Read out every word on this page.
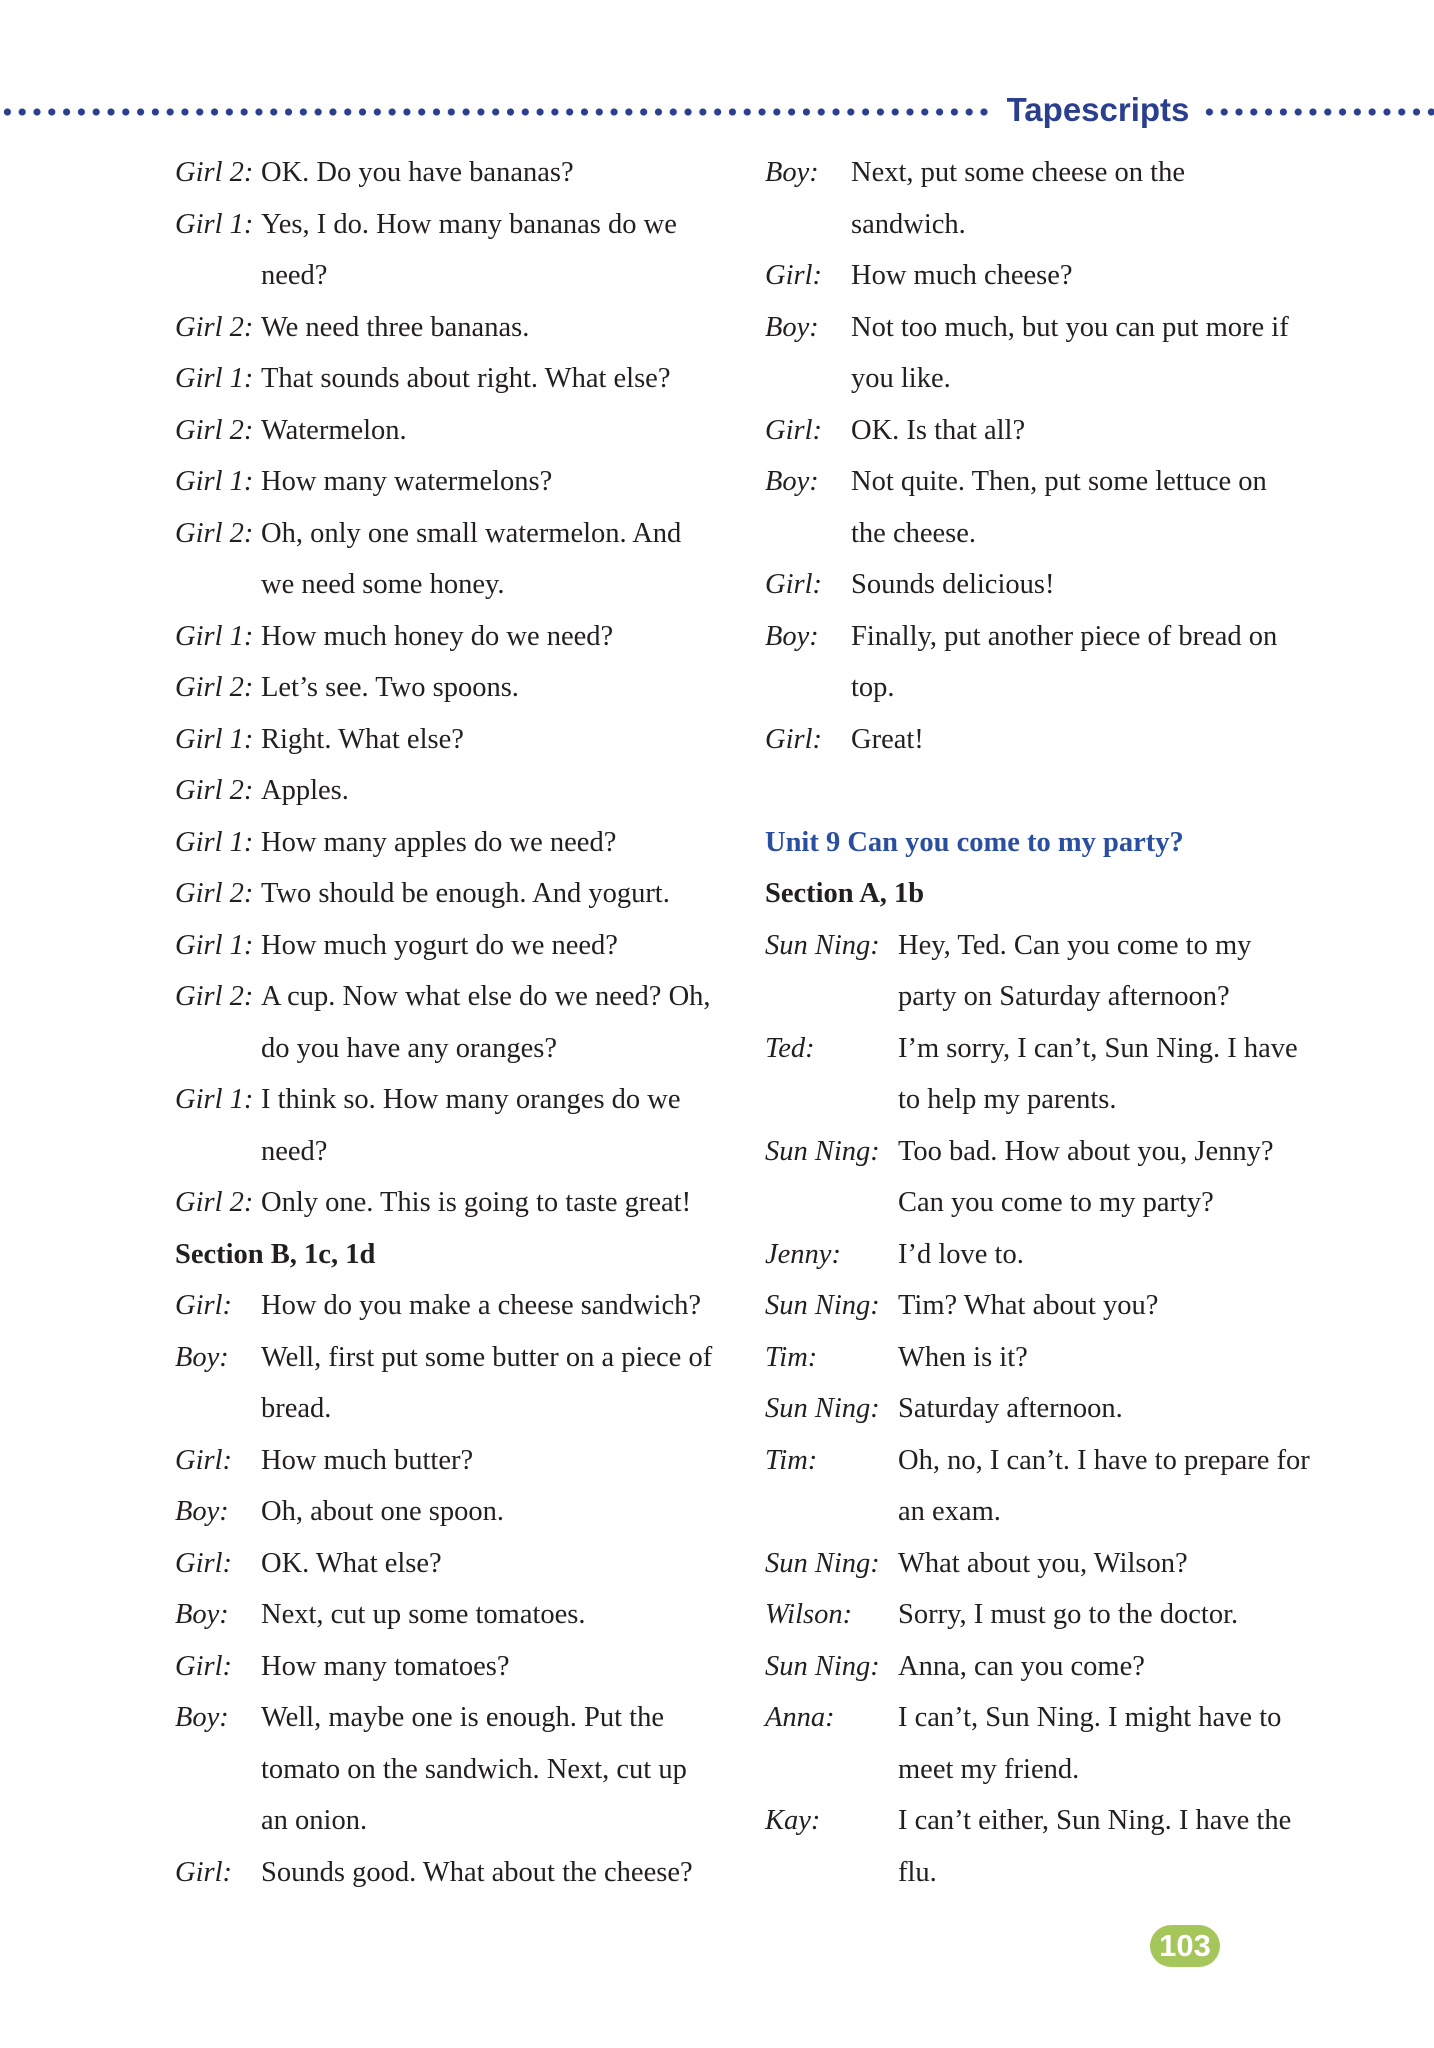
Tapescripts
Girl 2: OK. Do you have bananas?
Girl 1: Yes, I do. How many bananas do we
need?
Girl 2: We need three bananas.
Girl 1: That sounds about right. What else?
Girl 2: Watermelon.
Girl 1: How many watermelons?
Girl 2: Oh, only one small watermelon. And
we need some honey.
Girl 1: How much honey do we need?
Girl 2: Let’s see. Two spoons.
Girl 1: Right. What else?
Girl 2: Apples.
Girl 1: How many apples do we need?
Girl 2: Two should be enough. And yogurt.
Girl 1: How much yogurt do we need?
Girl 2: A cup. Now what else do we need? Oh,
do you have any oranges?
Girl 1: I think so. How many oranges do we
need?
Girl 2: Only one. This is going to taste great!
Section B, 1c, 1d
Girl: How do you make a cheese sandwich?
Boy: Well, first put some butter on a piece of
bread.
Girl: How much butter?
Boy: Oh, about one spoon.
Girl: OK. What else?
Boy: Next, cut up some tomatoes.
Girl: How many tomatoes?
Boy: Well, maybe one is enough. Put the
tomato on the sandwich. Next, cut up
an onion.
Girl: Sounds good. What about the cheese?
Boy: Next, put some cheese on the
sandwich.
Girl: How much cheese?
Boy: Not too much, but you can put more if
you like.
Girl: OK. Is that all?
Boy: Not quite. Then, put some lettuce on
the cheese.
Girl: Sounds delicious!
Boy: Finally, put another piece of bread on
top.
Girl: Great!
Unit 9 Can you come to my party?
Section A, 1b
Sun Ning: Hey, Ted. Can you come to my
party on Saturday afternoon?
Ted:	I’m sorry, I can’t, Sun Ning. I have
to help my parents.
Sun Ning: Too bad. How about you, Jenny?
Can you come to my party?
Jenny: I’d love to.
Sun Ning: Tim? What about you?
Tim:	When is it?
Sun Ning: Saturday afternoon.
Tim:	Oh, no, I can’t. I have to prepare for
an exam.
Sun Ning: What about you, Wilson?
Wilson: Sorry, I must go to the doctor.
Sun Ning: Anna, can you come?
Anna: I can’t, Sun Ning. I might have to
meet my friend.
Kay:	I can’t either, Sun Ning. I have the
flu.
103
